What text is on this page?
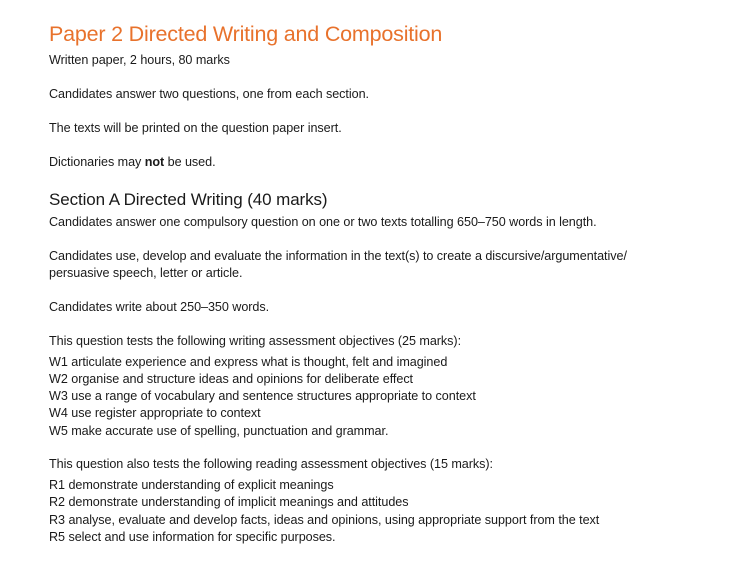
Paper 2 Directed Writing and Composition

Written paper, 2 hours, 80 marks

Candidates answer two questions, one from each section.

The texts will be printed on the question paper insert.

Dictionaries may not be used.

Section A Directed Writing (40 marks)

Candidates answer one compulsory question on one or two texts totalling 650–750 words in length.

Candidates use, develop and evaluate the information in the text(s) to create a discursive/argumentative/
persuasive speech, letter or article.

Candidates write about 250–350 words.

This question tests the following writing assessment objectives (25 marks):

W1 articulate experience and express what is thought, felt and imagined
W2 organise and structure ideas and opinions for deliberate effect
W3 use a range of vocabulary and sentence structures appropriate to context
W4 use register appropriate to context
W5 make accurate use of spelling, punctuation and grammar.

This question also tests the following reading assessment objectives (15 marks):

R1 demonstrate understanding of explicit meanings
R2 demonstrate understanding of implicit meanings and attitudes
R3 analyse, evaluate and develop facts, ideas and opinions, using appropriate support from the text
R5 select and use information for specific purposes.
